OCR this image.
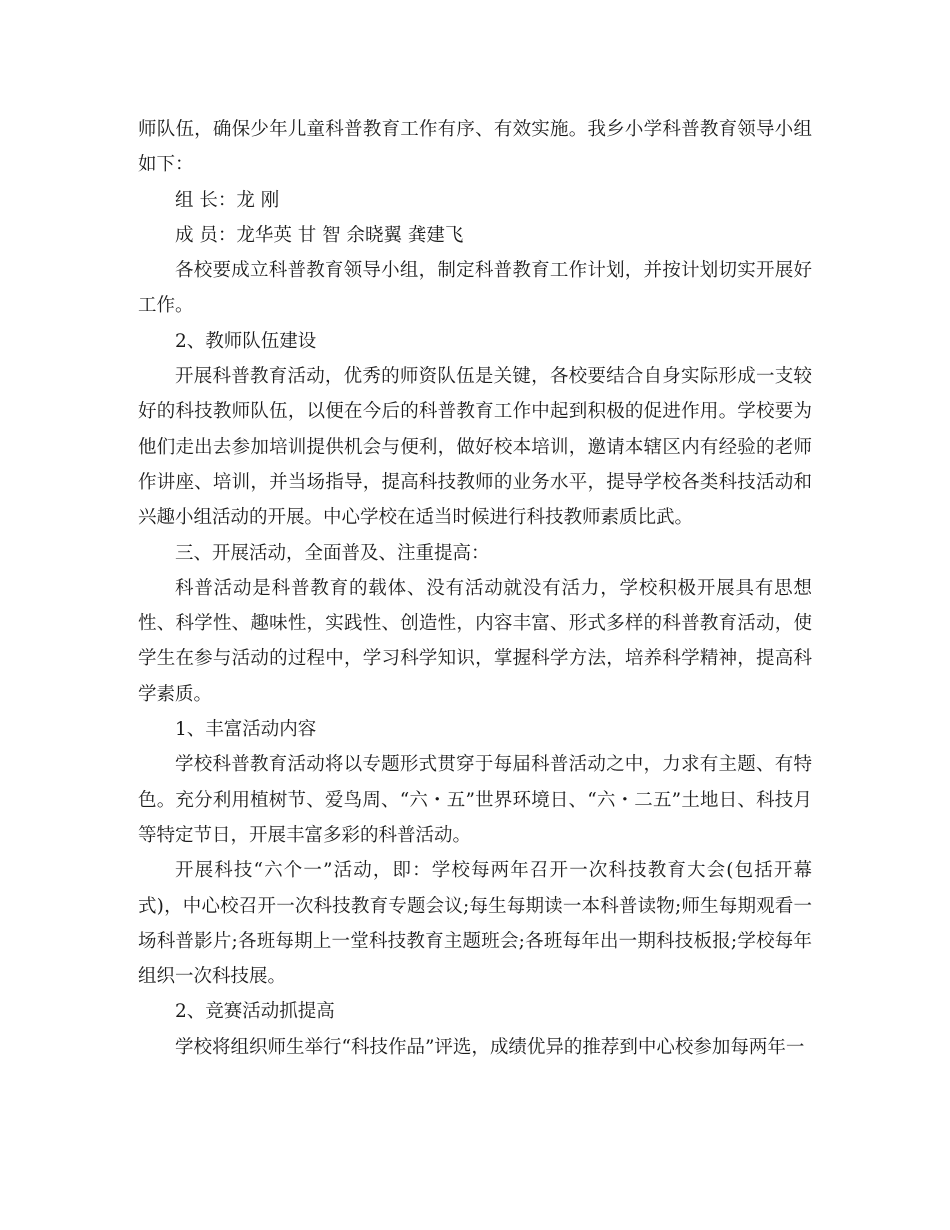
师队伍，确保少年儿童科普教育工作有序、有效实施。我乡小学科普教育领导小组如下：

组 长：龙 刚

成 员：龙华英 甘 智 余晓翼 龚建飞

各校要成立科普教育领导小组，制定科普教育工作计划，并按计划切实开展好工作。

2、教师队伍建设

开展科普教育活动，优秀的师资队伍是关键，各校要结合自身实际形成一支较好的科技教师队伍，以便在今后的科普教育工作中起到积极的促进作用。学校要为他们走出去参加培训提供机会与便利，做好校本培训，邀请本辖区内有经验的老师作讲座、培训，并当场指导，提高科技教师的业务水平，提导学校各类科技活动和兴趣小组活动的开展。中心学校在适当时候进行科技教师素质比武。

三、开展活动，全面普及、注重提高：

科普活动是科普教育的载体、没有活动就没有活力，学校积极开展具有思想性、科学性、趣味性，实践性、创造性，内容丰富、形式多样的科普教育活动，使学生在参与活动的过程中，学习科学知识，掌握科学方法，培养科学精神，提高科学素质。

1、丰富活动内容

学校科普教育活动将以专题形式贯穿于每届科普活动之中，力求有主题、有特色。充分利用植树节、爱鸟周、“六・五”世界环境日、“六・二五”土地日、科技月等特定节日，开展丰富多彩的科普活动。

开展科技“六个一”活动，即：学校每两年召开一次科技教育大会(包括开幕式)，中心校召开一次科技教育专题会议;每生每期读一本科普读物;师生每期观看一场科普影片;各班每期上一堂科技教育主题班会;各班每年出一期科技板报;学校每年组织一次科技展。

2、竞赛活动抓提高

学校将组织师生举行“科技作品”评选，成绩优异的推荐到中心校参加每两年一
